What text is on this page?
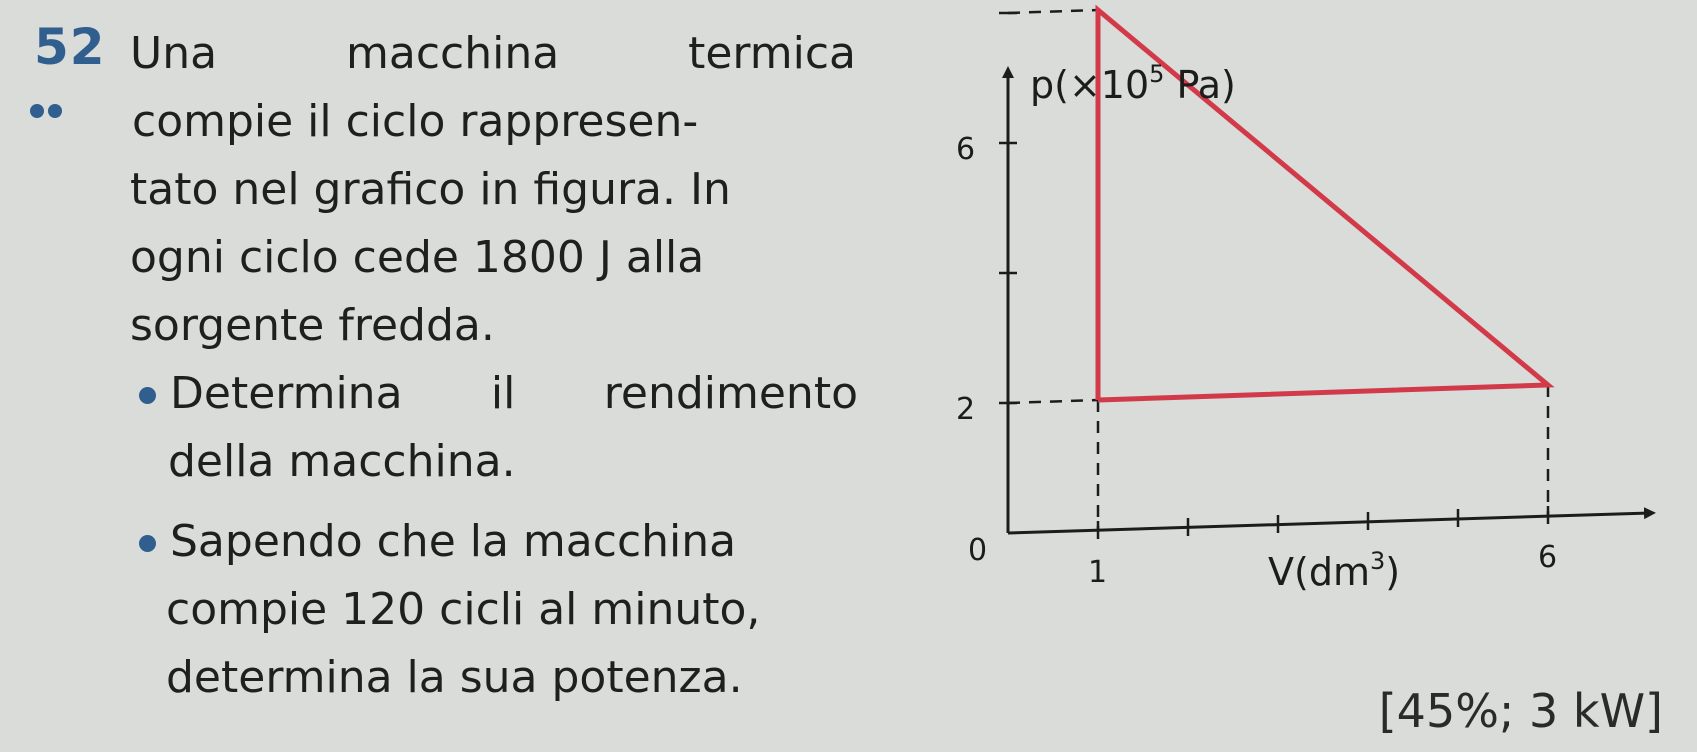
52 Una	macchina	termica
compie il ciclo rappresen-
tato nel grafico in figura. In
ogni ciclo cede 1800 J alla
sorgente fredda.
Determina il rendimento
della macchina.
Sapendo che la macchina
compie 120 cicli al minuto,
determina la sua potenza.
[45%; 3 kW]
$p(\times 10^5$ Pa)
$V(dm^3)$
0
1	6
2
6
